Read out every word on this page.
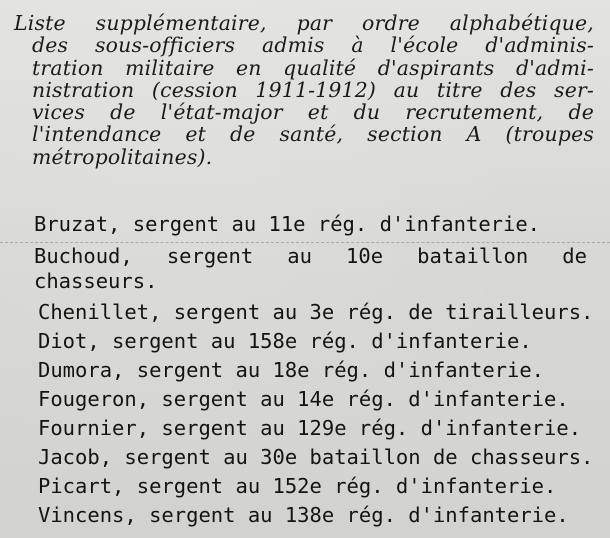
Liste supplémentaire, par ordre alphabétique,
des sous-officiers admis à l'école d'adminis-
tration militaire en qualité d'aspirants d'admi-
nistration (cession 1911-1912) au titre des ser-
vices de l'état-major et du recrutement, de
l'intendance et de santé, section A (troupes
métropolitaines).

Bruzat, sergent au 11e rég. d'infanterie.
Buchoud, sergent au 10e bataillon de chasseurs.
Chenillet, sergent au 3e rég. de tirailleurs.
Diot, sergent au 158e rég. d'infanterie.
Dumora, sergent au 18e rég. d'infanterie.
Fougeron, sergent au 14e rég. d'infanterie.
Fournier, sergent au 129e rég. d'infanterie.
Jacob, sergent au 30e bataillon de chasseurs.
Picart, sergent au 152e rég. d'infanterie.
Vincens, sergent au 138e rég. d'infanterie.
